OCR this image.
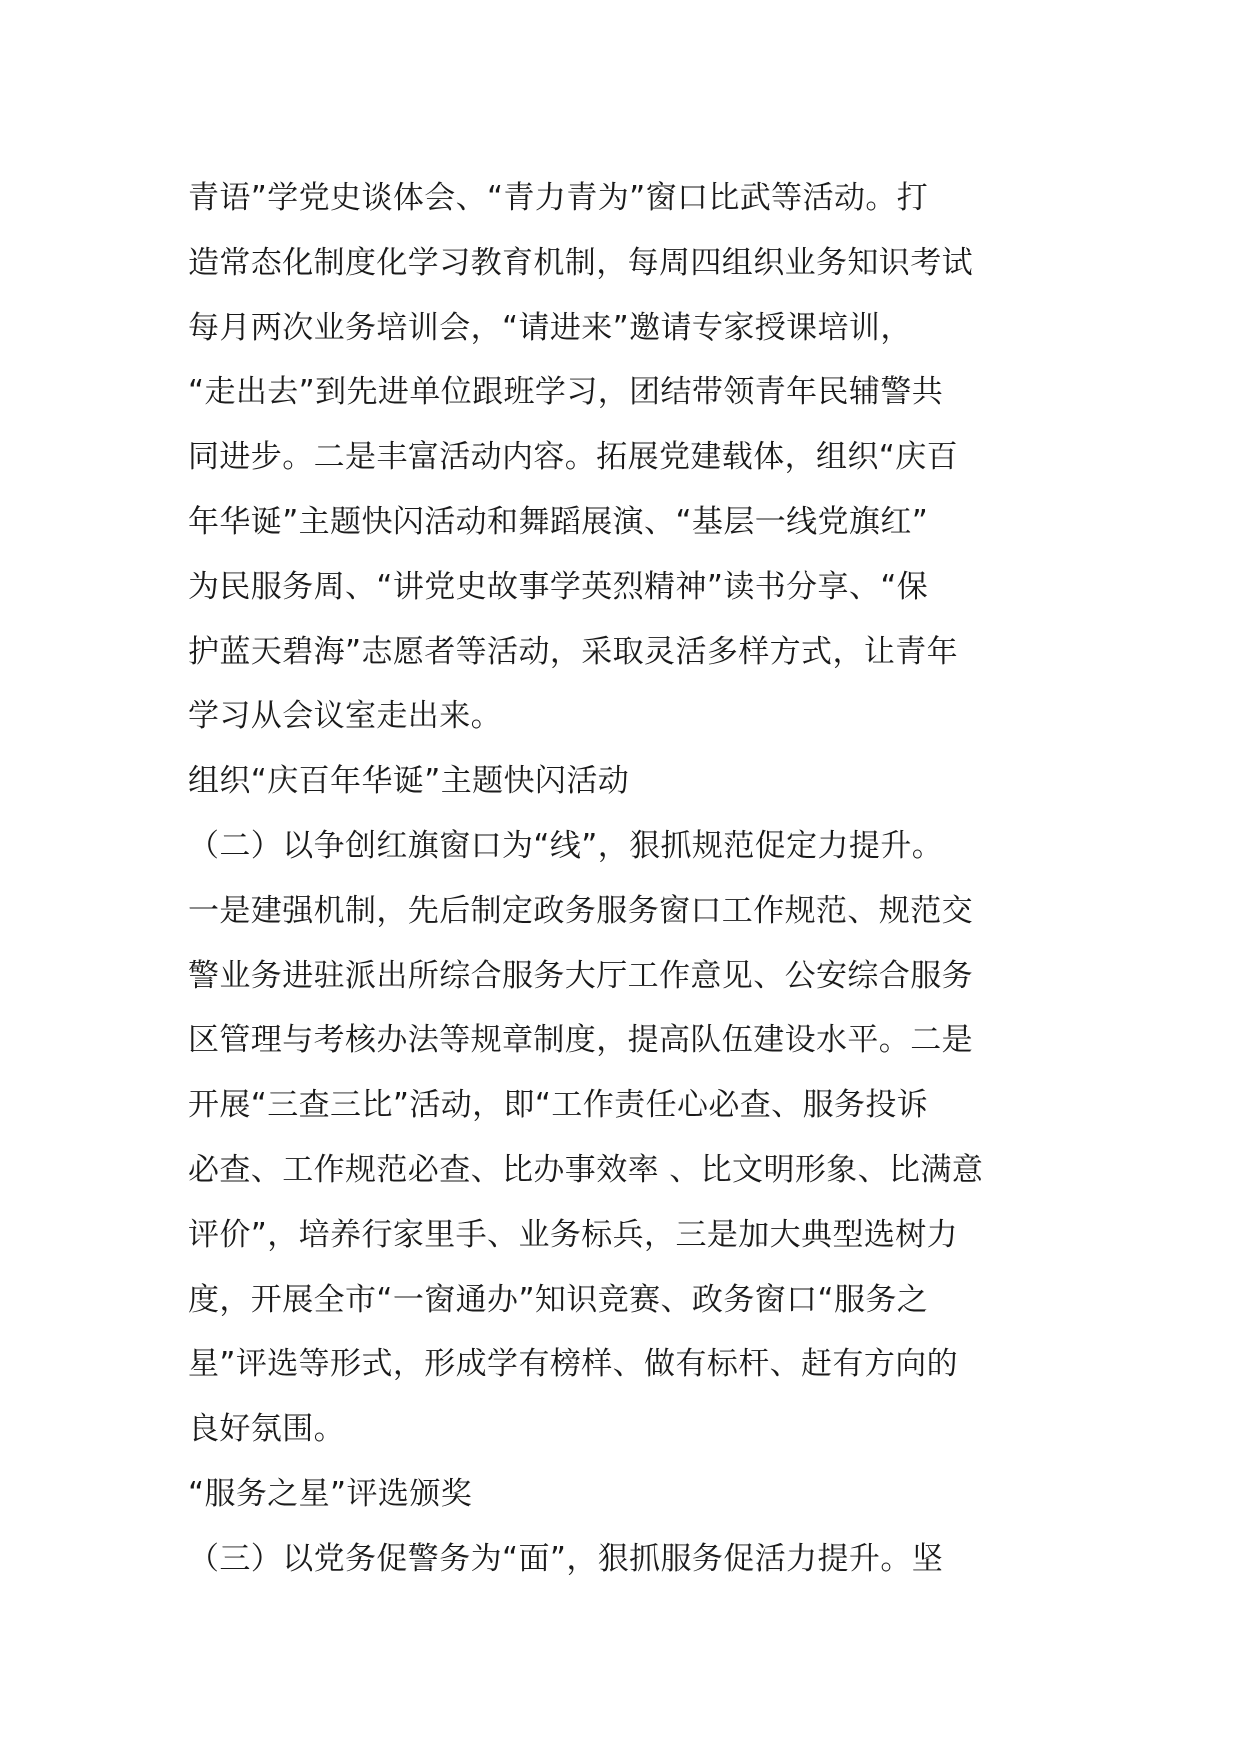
青语”学党史谈体会、“青力青为”窗口比武等活动。打
造常态化制度化学习教育机制，每周四组织业务知识考试
每月两次业务培训会，“请进来”邀请专家授课培训，
“走出去”到先进单位跟班学习，团结带领青年民辅警共
同进步。二是丰富活动内容。拓展党建载体，组织“庆百
年华诞”主题快闪活动和舞蹈展演、“基层一线党旗红”
为民服务周、“讲党史故事学英烈精神”读书分享、“保
护蓝天碧海”志愿者等活动，采取灵活多样方式，让青年
学习从会议室走出来。
组织“庆百年华诞”主题快闪活动
（二）以争创红旗窗口为“线”，狠抓规范促定力提升。
一是建强机制，先后制定政务服务窗口工作规范、规范交
警业务进驻派出所综合服务大厅工作意见、公安综合服务
区管理与考核办法等规章制度，提高队伍建设水平。二是
开展“三查三比”活动，即“工作责任心必查、服务投诉
必查、工作规范必查、比办事效率 、比文明形象、比满意
评价”，培养行家里手、业务标兵，三是加大典型选树力
度，开展全市“一窗通办”知识竞赛、政务窗口“服务之
星”评选等形式，形成学有榜样、做有标杆、赶有方向的
良好氛围。
“服务之星”评选颁奖
（三）以党务促警务为“面”，狠抓服务促活力提升。坚
